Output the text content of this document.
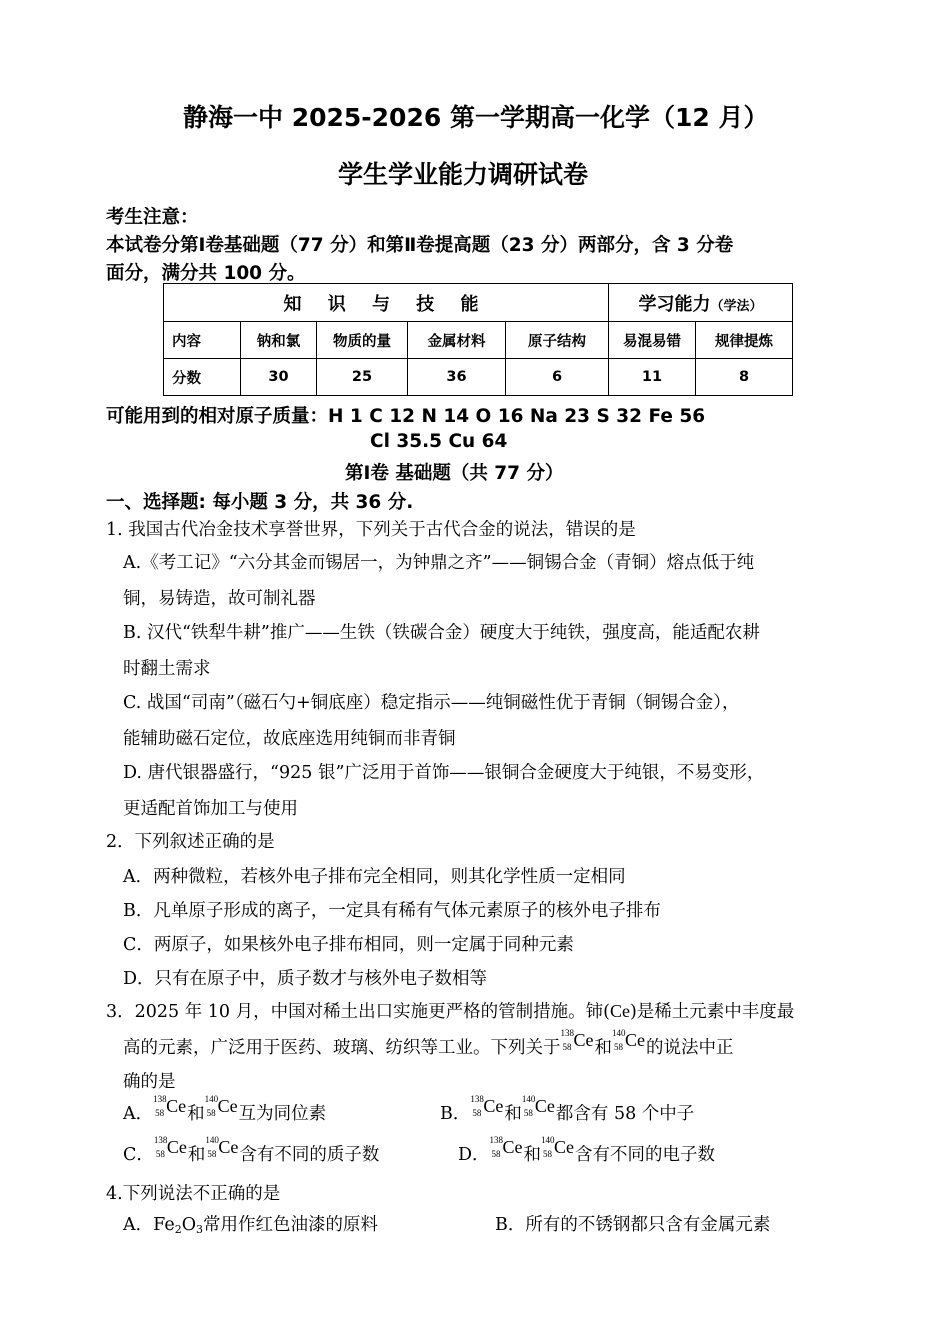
静海一中 2025-2026 第一学期高一化学（12 月）
学生学业能力调研试卷
考生注意：
本试卷分第Ⅰ卷基础题（77 分）和第Ⅱ卷提高题（23 分）两部分，含 3 分卷
面分，满分共 100 分。
知 识 与 技 能					学习能力（学法）	
内容	钠和氯	物质的量	金属材料	原子结构	易混易错	规律提炼
分数	30	25	36	6	11	8
可能用到的相对原子质量：H 1 C 12 N 14 O 16 Na 23 S 32 Fe 56
Cl 35.5 Cu 64
第Ⅰ卷 基础题（共 77 分）
一、选择题: 每小题 3 分，共 36 分.
1. 我国古代冶金技术享誉世界，下列关于古代合金的说法，错误的是
A.《考工记》“六分其金而锡居一，为钟鼎之齐”——铜锡合金（青铜）熔点低于纯
铜，易铸造，故可制礼器
B. 汉代“铁犁牛耕”推广——生铁（铁碳合金）硬度大于纯铁，强度高，能适配农耕
时翻土需求
C. 战国“司南”（磁石勺+铜底座）稳定指示——纯铜磁性优于青铜（铜锡合金），
能辅助磁石定位，故底座选用纯铜而非青铜
D. 唐代银器盛行，“925 银”广泛用于首饰——银铜合金硬度大于纯银，不易变形，
更适配首饰加工与使用
2．下列叙述正确的是
A．两种微粒，若核外电子排布完全相同，则其化学性质一定相同
B．凡单原子形成的离子，一定具有稀有气体元素原子的核外电子排布
C．两原子，如果核外电子排布相同，则一定属于同种元素
D．只有在原子中，质子数才与核外电子数相等
3．2025 年 10 月，中国对稀土出口实施更严格的管制措施。铈(Ce)是稀土元素中丰度最
高的元素，广泛用于医药、玻璃、纺织等工业。下列关于
138
58 Ce 和
140
58 Ce 的说法中正
确的是
A．
138
58 Ce 和
140
58 Ce 互为同位素	B．
138
58 Ce 和
140
58 Ce 都含有 58 个中子
C．
138
58 Ce 和
140
58 Ce 含有不同的质子数	D．
138
58 Ce 和
140
58 Ce 含有不同的电子数
4.下列说法不正确的是
A．$Fe_2O_3$常用作红色油漆的原料	B．所有的不锈钢都只含有金属元素
